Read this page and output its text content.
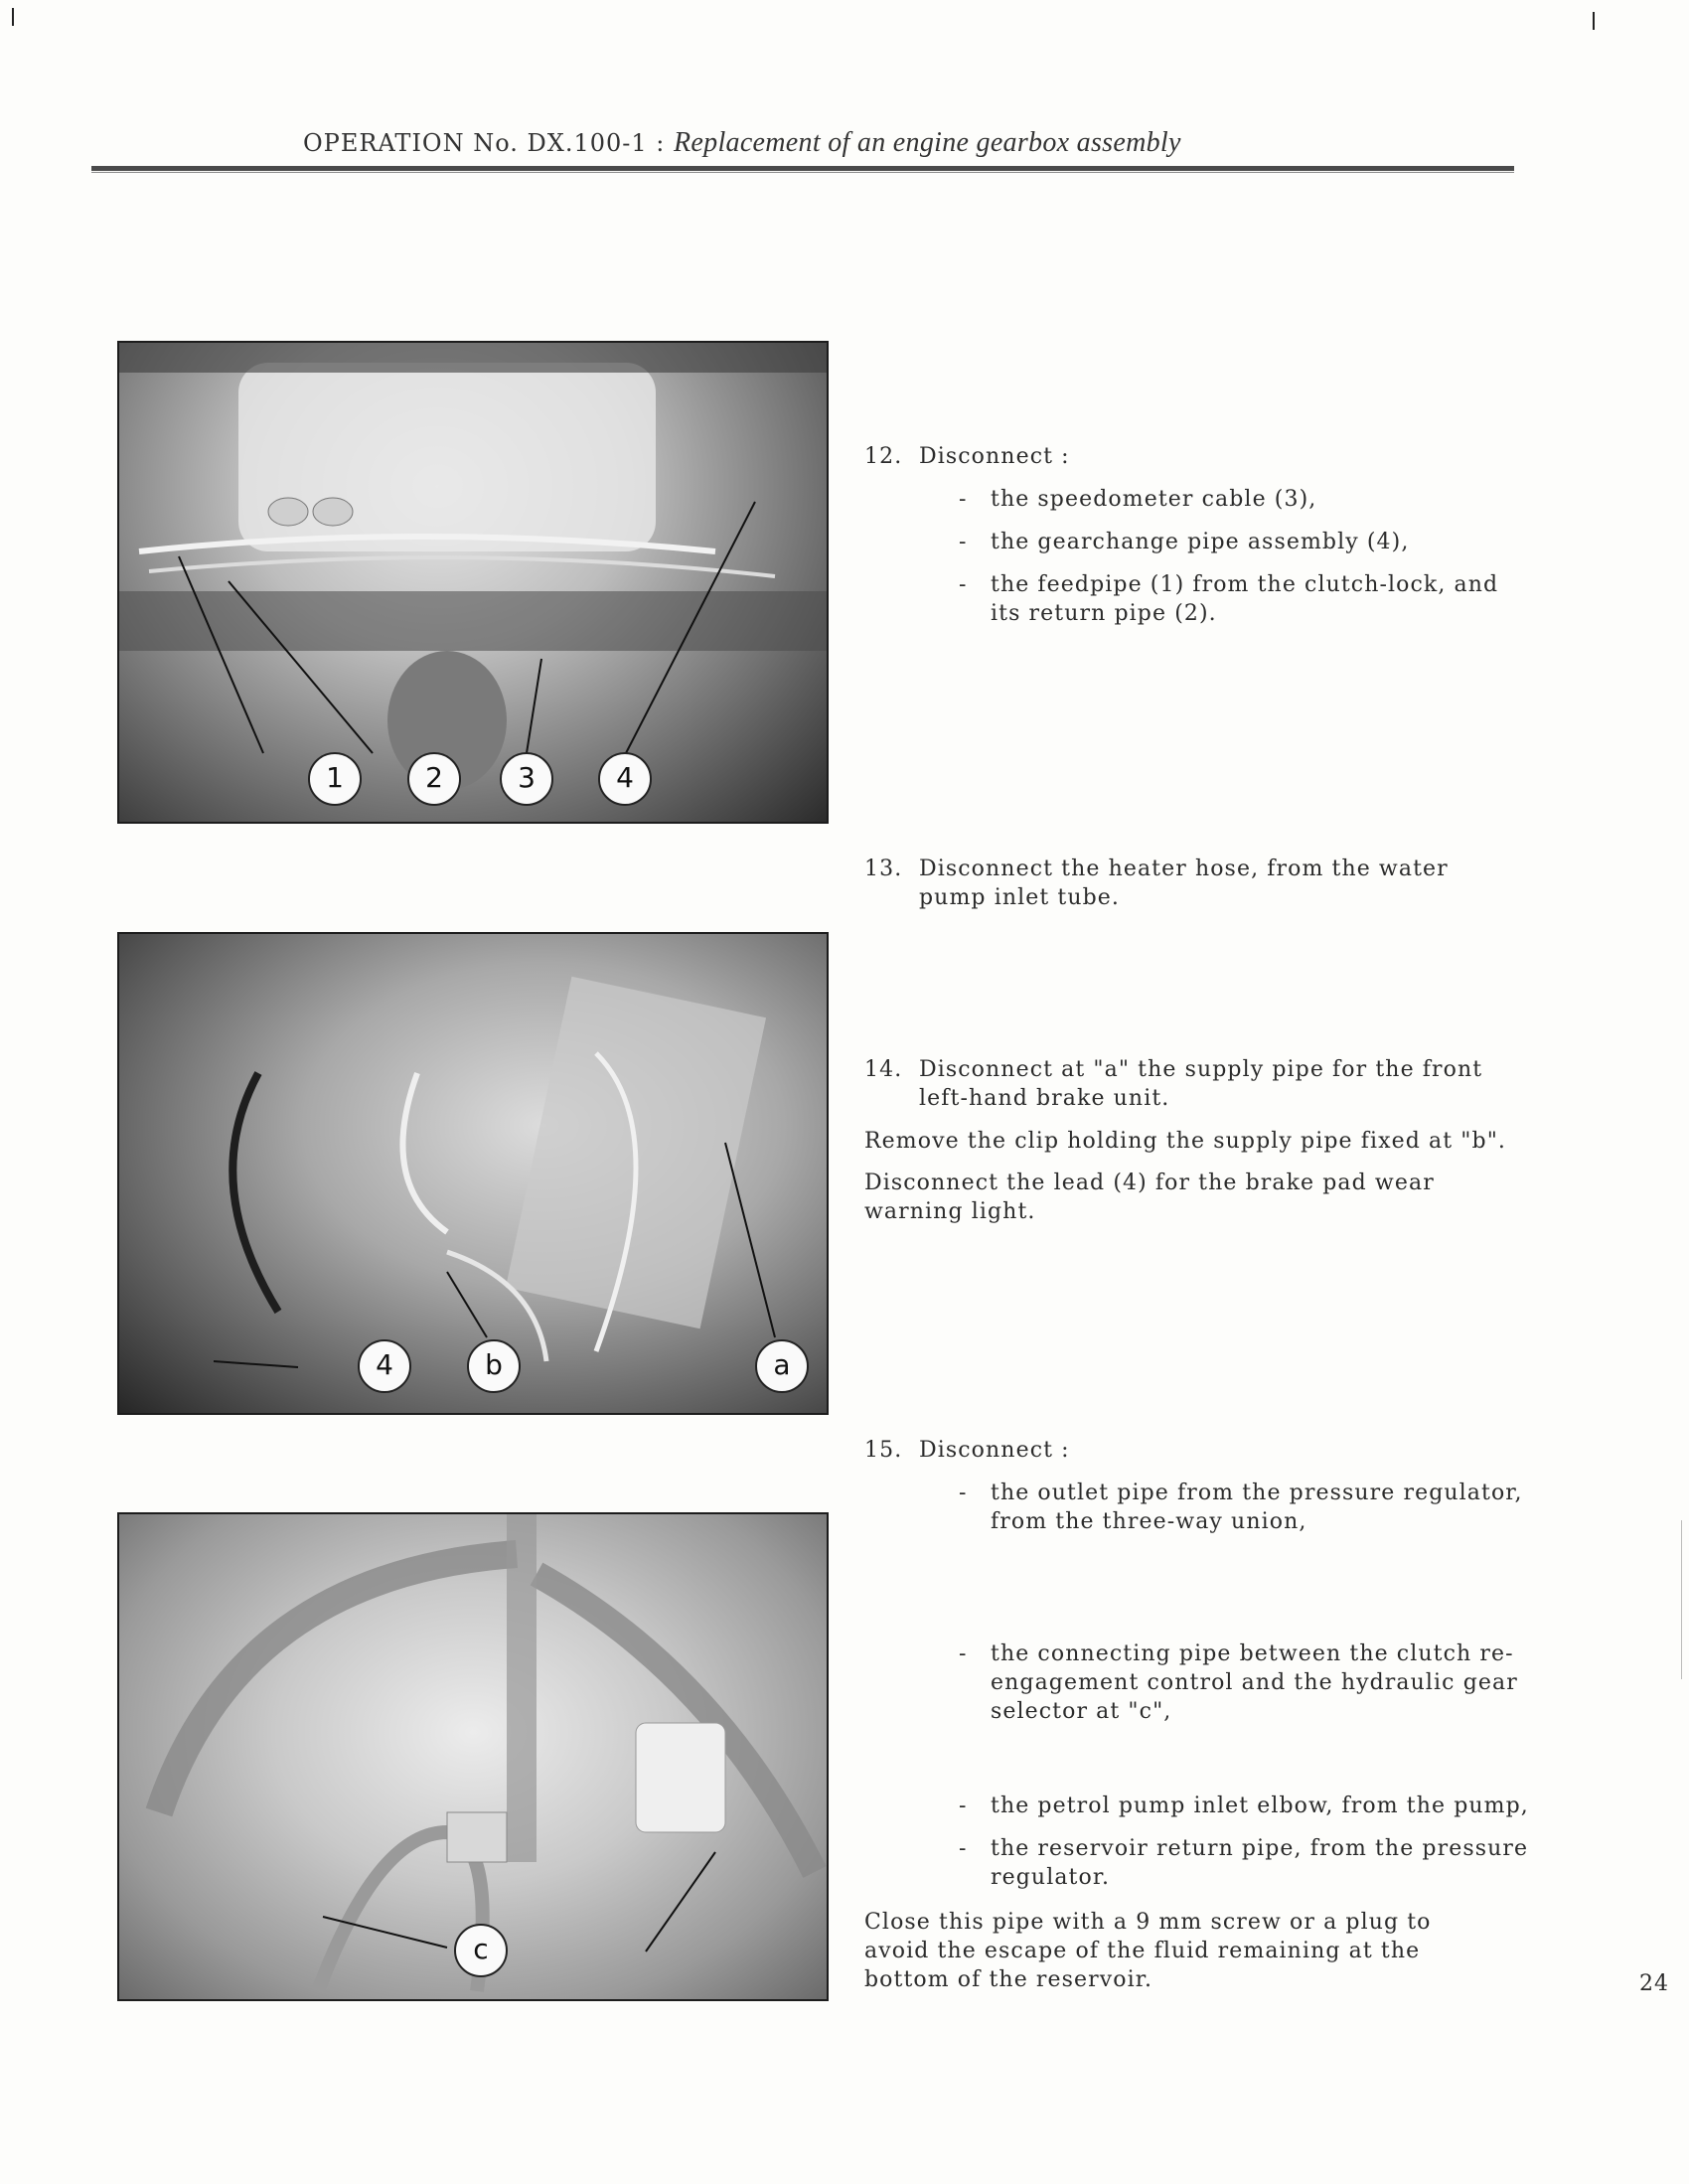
OPERATION No. DX.100-1 : Replacement of an engine gearbox assembly
1	2	3	4
4	b	a
c
12. Disconnect :
- the speedometer cable (3),
- the gearchange pipe assembly (4),
- the feedpipe (1) from the clutch-lock, and its return pipe (2).
13. Disconnect the heater hose, from the water pump inlet tube.
14. Disconnect at "a" the supply pipe for the front left-hand brake unit.
Remove the clip holding the supply pipe fixed at "b".
Disconnect the lead (4) for the brake pad wear warning light.
15. Disconnect :
- the outlet pipe from the pressure regulator, from the three-way union,
- the connecting pipe between the clutch re-engagement control and the hydraulic gear selector at "c",
- the petrol pump inlet elbow, from the pump,
- the reservoir return pipe, from the pressure regulator.
Close this pipe with a 9 mm screw or a plug to avoid the escape of the fluid remaining at the bottom of the reservoir.	24
